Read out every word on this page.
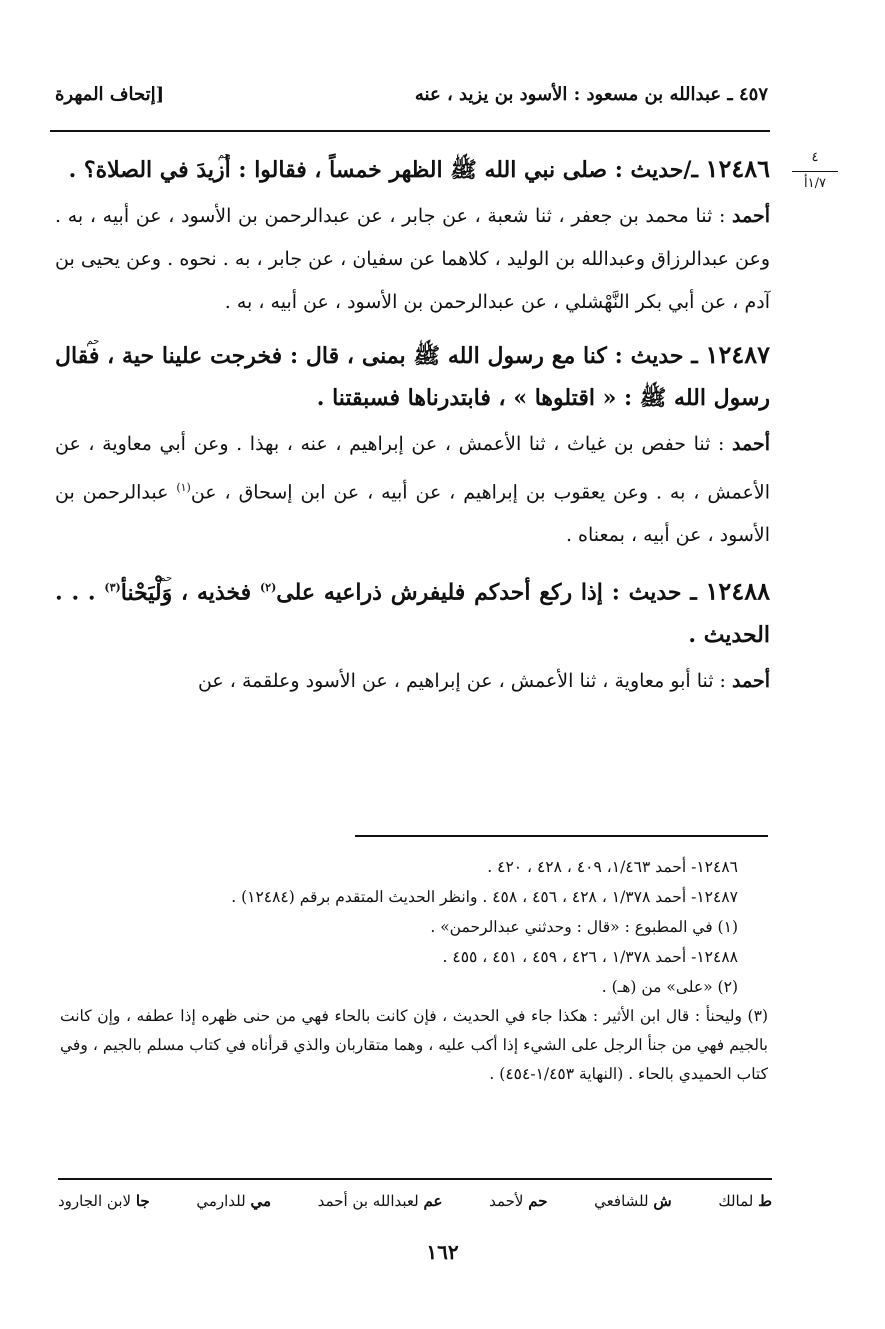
٤٥٧ ـ عبدالله بن مسعود : الأسود بن يزيد ، عنه
[إتحاف المهرة
٤
١/٧أ
١٢٤٨٦ ـ/حديث : صلى نبي الله ﷺ الظهر خمساً ، فقالوا : حم أزيدَ في الصلاة؟ .
أحمد : ثنا محمد بن جعفر ، ثنا شعبة ، عن جابر ، عن عبدالرحمن بن الأسود ، عن أبيه ، به . وعن عبدالرزاق وعبدالله بن الوليد ، كلاهما عن سفيان ، عن جابر ، به . نحوه . وعن يحيى بن آدم ، عن أبي بكر النَّهْشلي ، عن عبدالرحمن بن الأسود ، عن أبيه ، به .
١٢٤٨٧ ـ حديث : كنا مع رسول الله ﷺ بمنى ، قال : فخرجت علينا حية ، حم فقال رسول الله ﷺ : « اقتلوها » ، فابتدرناها فسبقتنا .
أحمد : ثنا حفص بن غياث ، ثنا الأعمش ، عن إبراهيم ، عنه ، بهذا . وعن أبي معاوية ، عن الأعمش ، به . وعن يعقوب بن إبراهيم ، عن أبيه ، عن ابن إسحاق ، عن$^{(١)}$ عبدالرحمن بن الأسود ، عن أبيه ، بمعناه .
١٢٤٨٨ ـ حديث : إذا ركع أحدكم فليفرش ذراعيه على$^{(٢)}$ فخذيه ، حم وَلْيَحْنأ$^{(٣)}$ . . . الحديث .
أحمد : ثنا أبو معاوية ، ثنا الأعمش ، عن إبراهيم ، عن الأسود وعلقمة ، عن
١٢٤٨٦- أحمد ١/٤٦٣، ٤٠٩ ، ٤٢٨ ، ٤٢٠ .
١٢٤٨٧- أحمد ١/٣٧٨ ، ٤٢٨ ، ٤٥٦ ، ٤٥٨ . وانظر الحديث المتقدم برقم (١٢٤٨٤) .
(١) في المطبوع : «قال : وحدثني عبدالرحمن» .
١٢٤٨٨- أحمد ١/٣٧٨ ، ٤٢٦ ، ٤٥٩ ، ٤٥١ ، ٤٥٥ .
(٢) «على» من (هـ) .
(٣) وليحنأ : قال ابن الأثير : هكذا جاء في الحديث ، فإن كانت بالحاء فهي من حنى ظهره إذا عطفه ، وإن كانت بالجيم فهي من جنأ الرجل على الشيء إذا أكب عليه ، وهما متقاربان والذي قرأناه في كتاب مسلم بالجيم ، وفي كتاب الحميدي بالحاء . (النهاية ١/٤٥٣-٤٥٤) .
ط لمالك
ش للشافعي
حم لأحمد
عم لعبدالله بن أحمد
مي للدارمي
جا لابن الجارود
١٦٢
